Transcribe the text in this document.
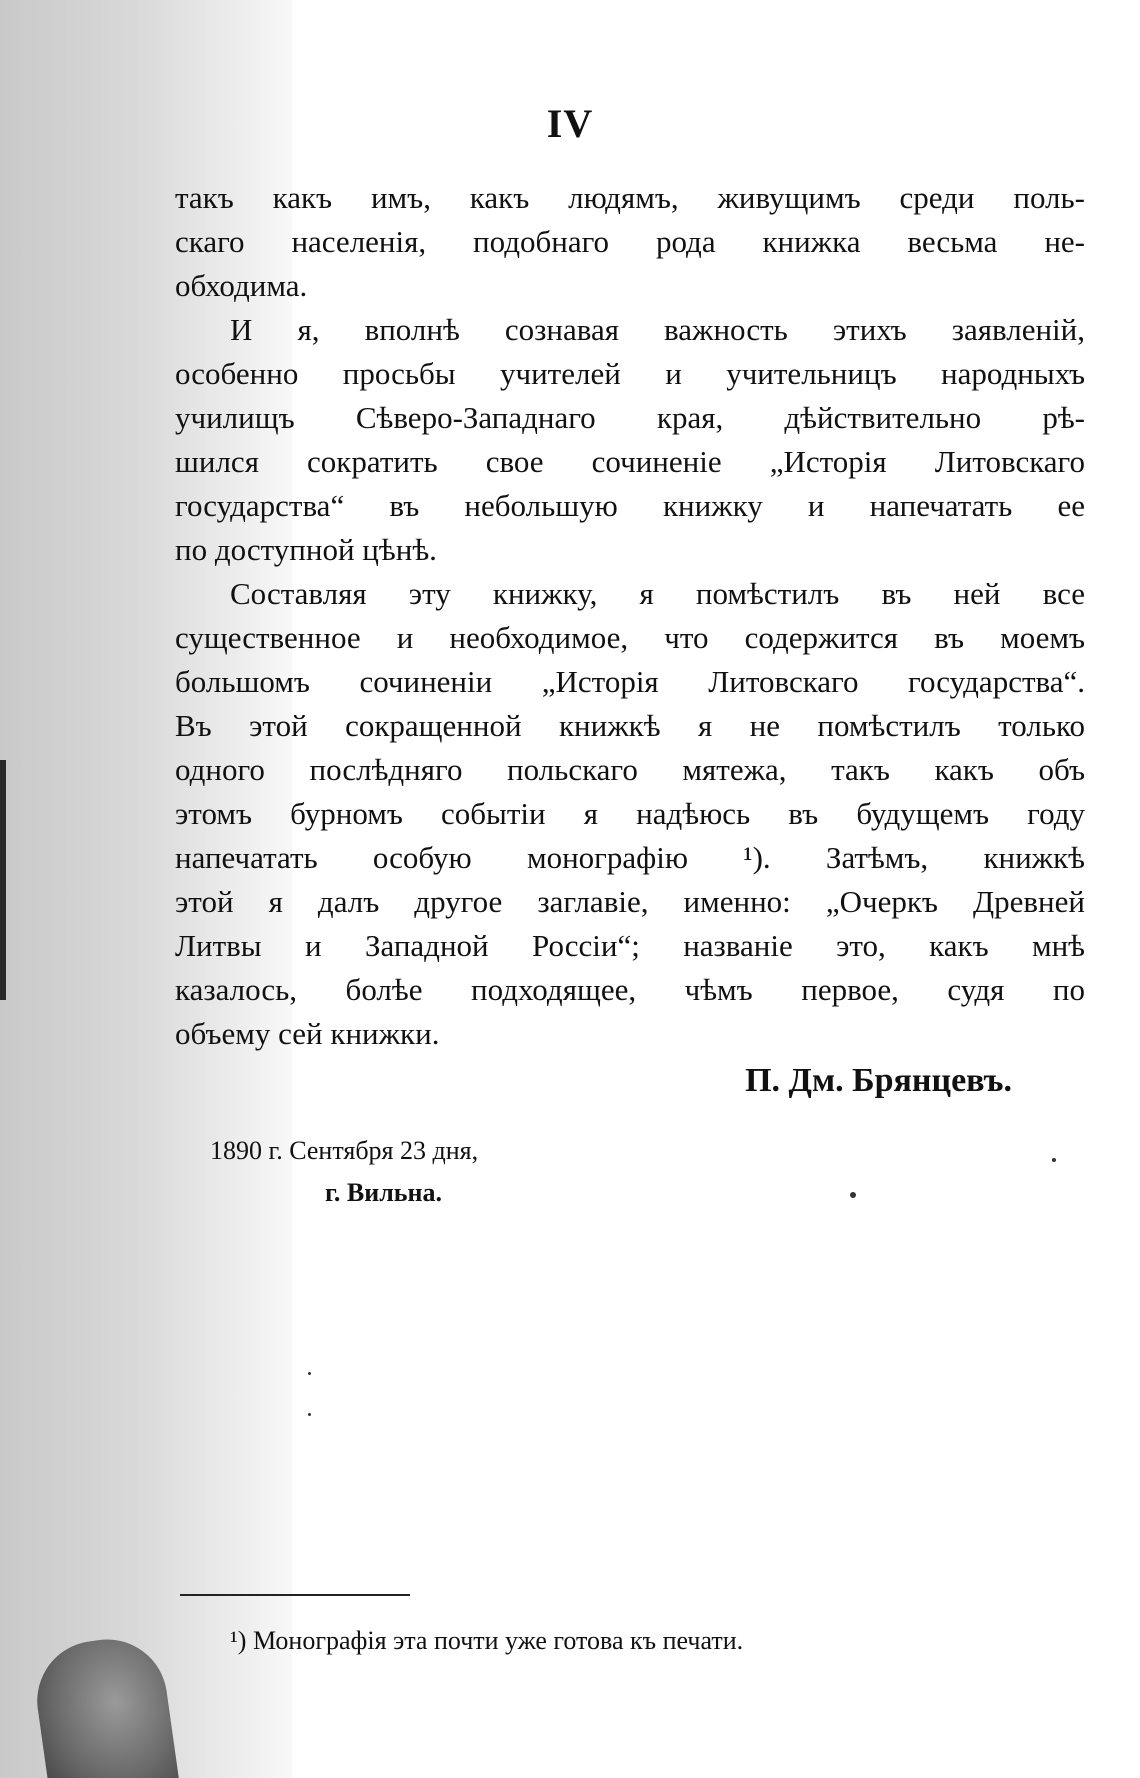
IV
такъ какъ имъ, какъ людямъ, живущимъ среди поль-
скаго населенія, подобнаго рода книжка весьма не-
обходима.
И я, вполнѣ сознавая важность этихъ заявленій,
особенно просьбы учителей и учительницъ народныхъ
училищъ Сѣверо-Западнаго края, дѣйствительно рѣ-
шился сократить свое сочиненіе „Исторія Литовскаго
государства“ въ небольшую книжку и напечатать ее
по доступной цѣнѣ.
Составляя эту книжку, я помѣстилъ въ ней все
существенное и необходимое, что содержится въ моемъ
большомъ сочиненіи „Исторія Литовскаго государства“.
Въ этой сокращенной книжкѣ я не помѣстилъ только
одного послѣдняго польскаго мятежа, такъ какъ объ
этомъ бурномъ событіи я надѣюсь въ будущемъ году
напечатать особую монографію ¹). Затѣмъ, книжкѣ
этой я далъ другое заглавіе, именно: „Очеркъ Древней
Литвы и Западной Россіи“; названіе это, какъ мнѣ
казалось, болѣе подходящее, чѣмъ первое, судя по
объему сей книжки.
П. Дм. Брянцевъ.
1890 г. Сентября 23 дня,
г. Вильна.
¹) Монографія эта почти уже готова къ печати.
